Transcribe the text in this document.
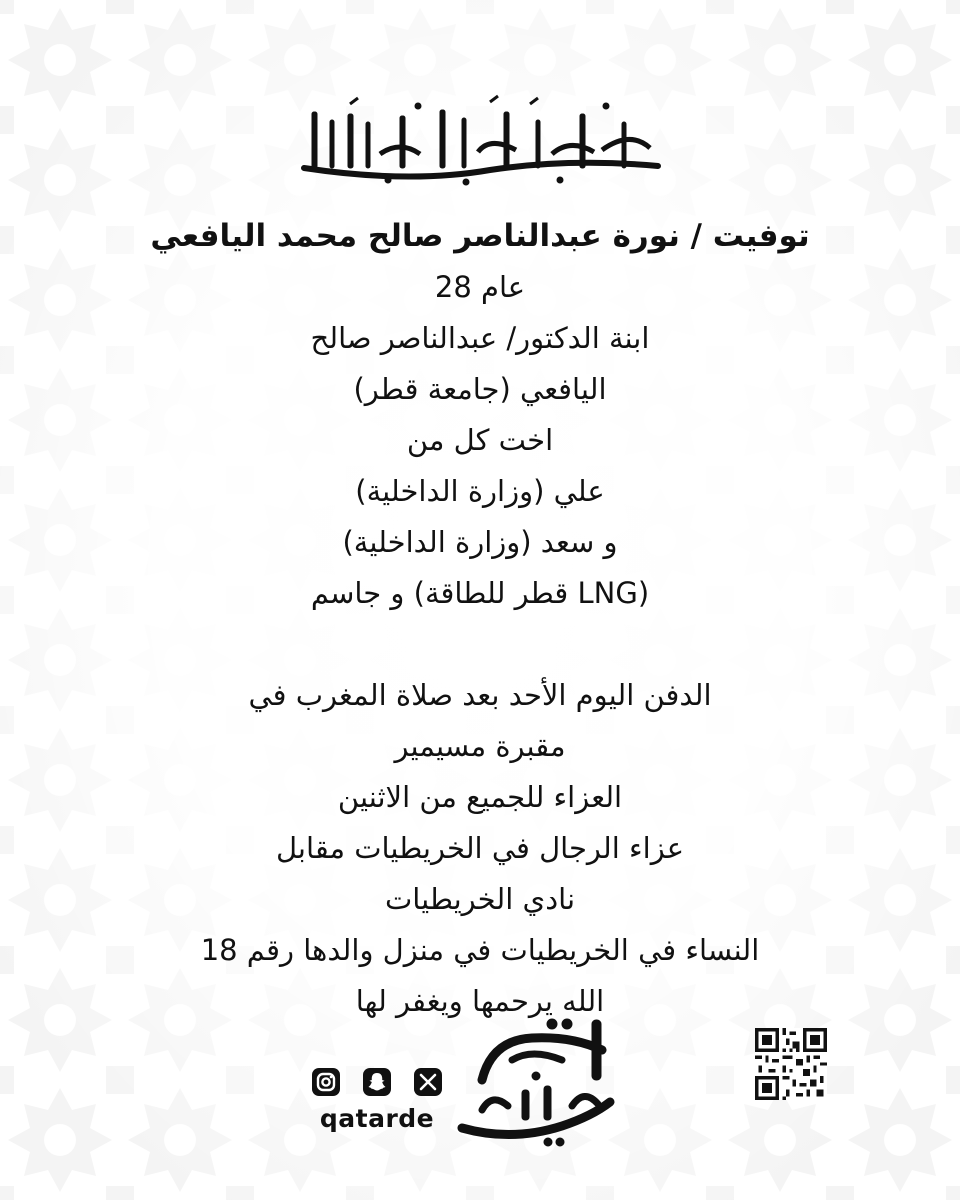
توفيت / نورة عبدالناصر صالح محمد اليافعي

عام 28

ابنة الدكتور/ عبدالناصر صالح

اليافعي (جامعة قطر)

اخت كل من

علي (وزارة الداخلية)

و سعد (وزارة الداخلية)

(LNG قطر للطاقة) و جاسم

الدفن اليوم الأحد بعد صلاة المغرب في

مقبرة مسيمير

العزاء للجميع من الاثنين

عزاء الرجال في الخريطيات مقابل

نادي الخريطيات

النساء في الخريطيات في منزل والدها رقم 18

الله يرحمها ويغفر لها

qatarde
